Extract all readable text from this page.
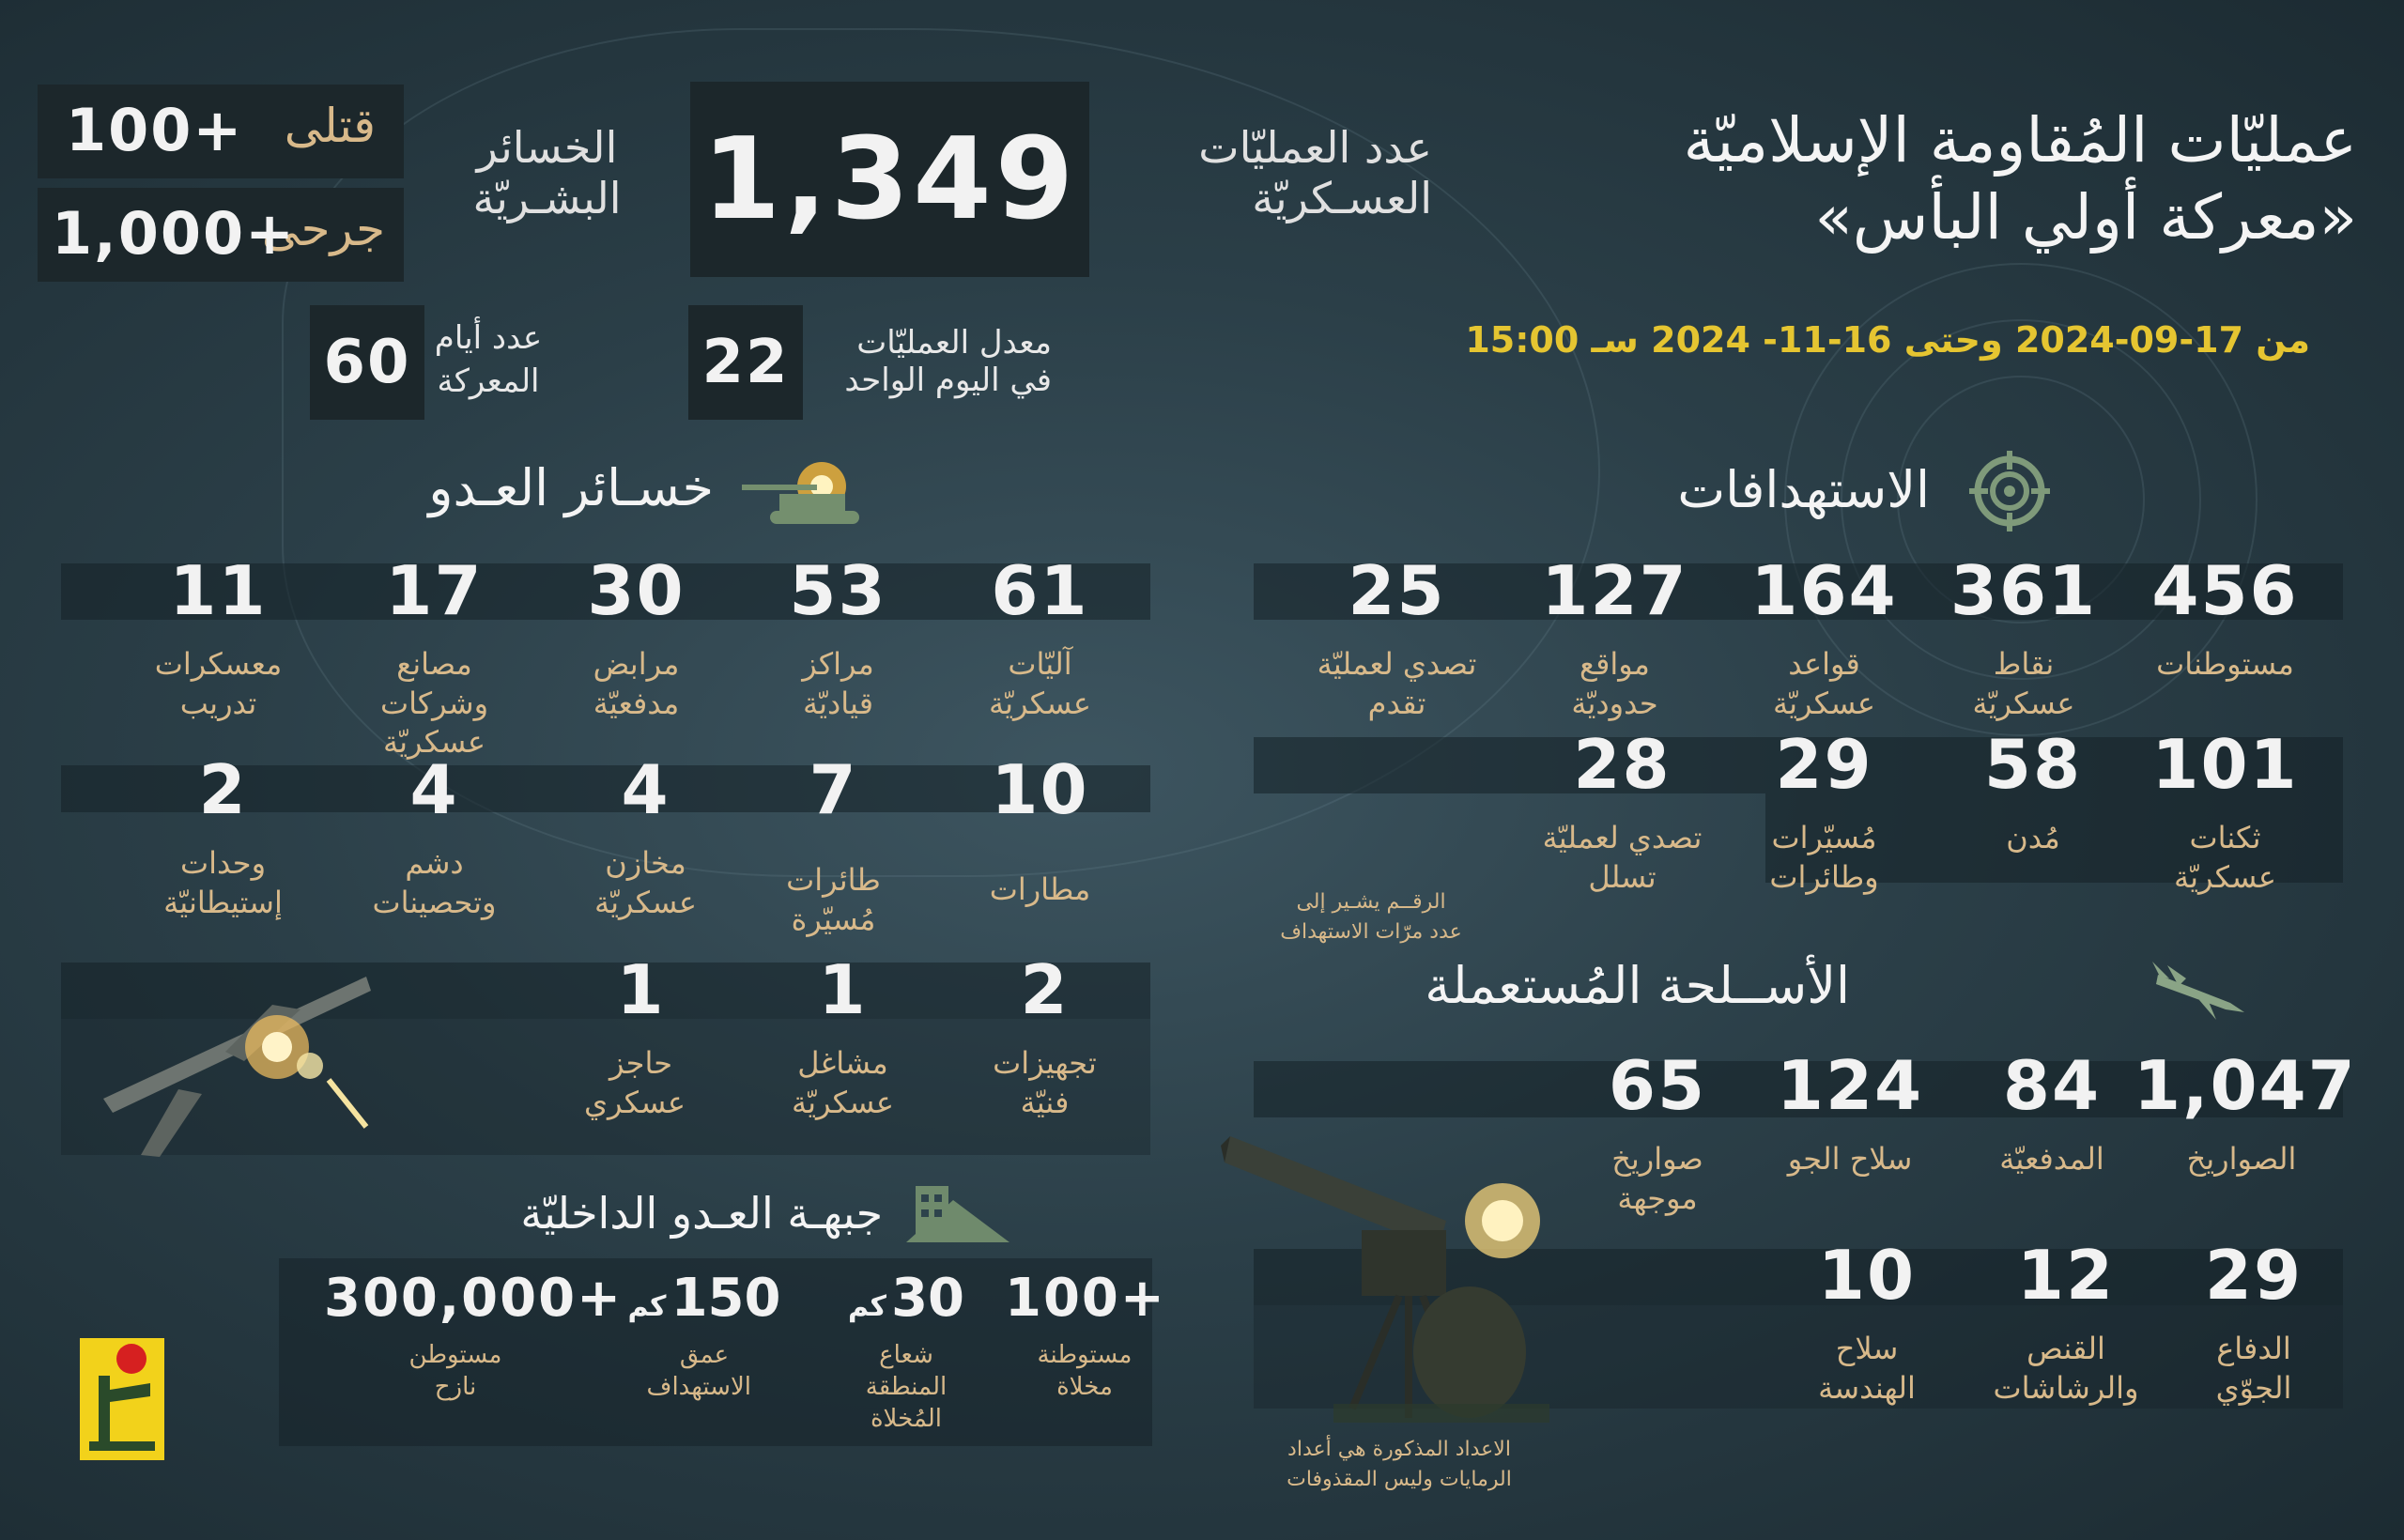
عمليّات المُقاومة الإسلاميّة
«معركة أولي البأس»
من 17-09-2024 وحتى 16-11- 2024 سـ 15:00
عدد العمليّات
العسـكريّة
1,349
الخسائر
البشـريّة
قتلى
100+
جرحى
1,000+
22	معدل العمليّات
في اليوم الواحد
60 عدد أيام
المعركة
الاستهدافات
456
مستوطنات
361
نقاط عسكريّة
164
قواعد عسكريّة
127
مواقع حدوديّة
25
تصدي لعمليّة تقدم
101
ثكنات عسكريّة
58
مُدن
29
مُسيّرات وطائرات
28
تصدي لعمليّة تسلل
الرقــم يشـير إلى
عدد مرّات الاستهداف
الأســلحة المُستعملة
1,047
الصواريخ
84
المدفعيّة
124
سلاح الجو
65
صواريخ موجهة
29
الدفاع الجوّي
12
القنص والرشاشات
10
سلاح الهندسة
الاعداد المذكورة هي أعداد
الرمايات وليس المقذوفات
خسـائر العـدو
61
آليّات عسكريّة
53
مراكز قياديّة
30
مرابض مدفعيّة
17
مصانع وشركات عسكريّة
11
معسكرات تدريب
10
مطارات
7
طائرات مُسيّرة
4
مخازن عسكريّة
4
دشم وتحصينات
2
وحدات إستيطانيّة
2
تجهيزات فنيّة
1
مشاغل عسكريّة
1
حاجز عسكري
جبهـة العـدو الداخليّة
100+
مستوطنة مخلاة
30 كم
شعاع المنطقة المُخلاة
150 كم
عمق الاستهداف
300,000+
مستوطن نازح
